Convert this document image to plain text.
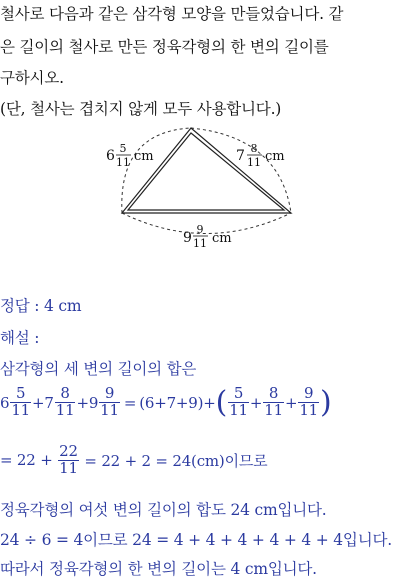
철사로 다음과 같은 삼각형 모양을 만들었습니다. 같
은 길이의 철사로 만든 정육각형의 한 변의 길이를
구하시오.
(단, 철사는 겹치지 않게 모두 사용합니다.)
6 5
11 cm	7 8
11 cm
9
9
11 cm
정답 : 4 cm
해설 :
삼각형의 세 변의 길이의 합은
$6 \frac{5}{11} + 7 \frac{8}{11} + 9 \frac{9}{11} = (6+7+9)+$ ( $\frac{5}{11} + \frac{8}{11} + \frac{9}{11}$ )
= $22 + \frac{22}{11} = 22 + 2 = 24(cm)$이므로
정육각형의 여섯 변의 길이의 합도 24 cm입니다.
24 ÷ 6 = 4이므로 24 = 4 + 4 + 4 + 4 + 4 + 4입니다.
따라서 정육각형의 한 변의 길이는 4 cm입니다.
